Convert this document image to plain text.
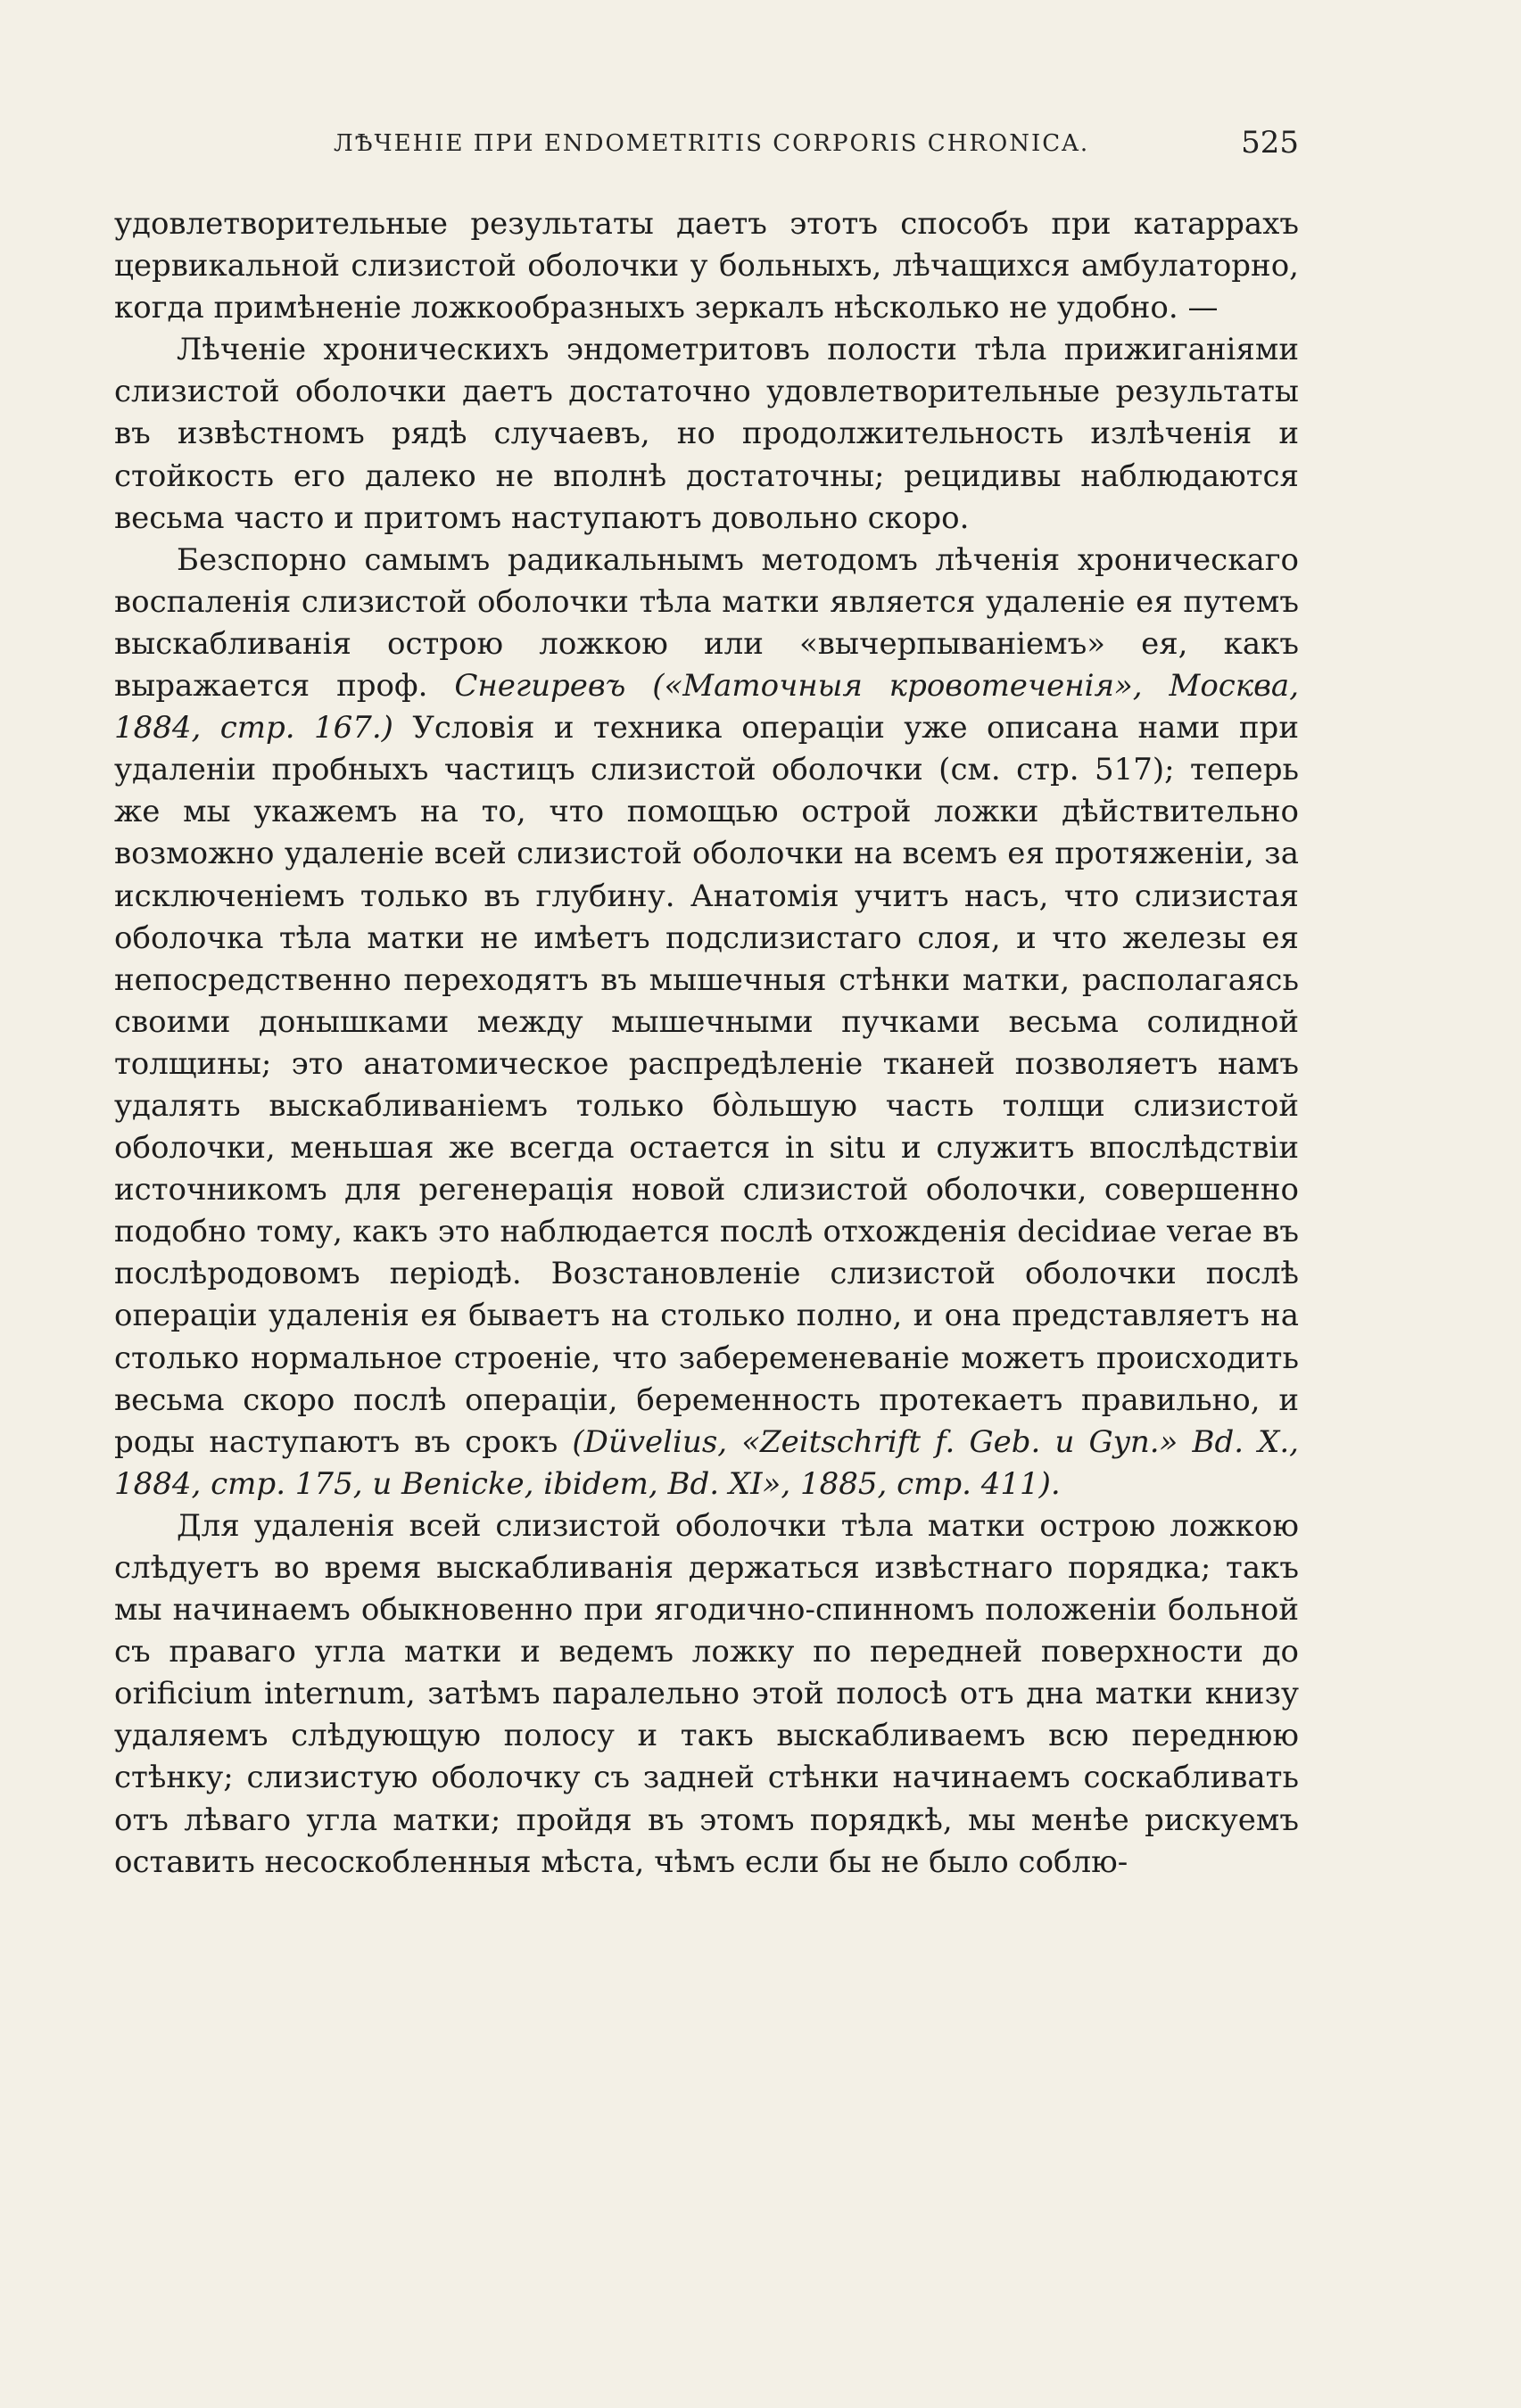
ЛѢЧЕНІЕ ПРИ ENDOMETRITIS CORPORIS CHRONICA.	525

удовлетворительные результаты даетъ этотъ способъ при катаррахъ цервикальной слизистой оболочки у больныхъ, лѣчащихся амбулаторно, когда примѣненіе ложкообразныхъ зеркалъ нѣсколько не удобно. —

Лѣченіе хроническихъ эндометритовъ полости тѣла прижиганіями слизистой оболочки даетъ достаточно удовлетворительные результаты въ извѣстномъ рядѣ случаевъ, но продолжительность излѣченія и стойкость его далеко не вполнѣ достаточны; рецидивы наблюдаются весьма часто и притомъ наступаютъ довольно скоро.

Безспорно самымъ радикальнымъ методомъ лѣченія хроническаго воспаленія слизистой оболочки тѣла матки является удаленіе ея путемъ выскабливанія острою ложкою или «вычерпываніемъ» ея, какъ выражается проф. Снегиревъ («Маточныя кровотеченія», Москва, 1884, стр. 167.) Условія и техника операціи уже описана нами при удаленіи пробныхъ частицъ слизистой оболочки (см. стр. 517); теперь же мы укажемъ на то, что помощью острой ложки дѣйствительно возможно удаленіе всей слизистой оболочки на всемъ ея протяженіи, за исключеніемъ только въ глубину. Анатомія учитъ насъ, что слизистая оболочка тѣла матки не имѣетъ подслизистаго слоя, и что железы ея непосредственно переходятъ въ мышечныя стѣнки матки, располагаясь своими донышками между мышечными пучками весьма солидной толщины; это анатомическое распредѣленіе тканей позволяетъ намъ удалять выскабливаніемъ только бòльшую часть толщи слизистой оболочки, меньшая же всегда остается in situ и служитъ впослѣдствіи источникомъ для регенерація новой слизистой оболочки, совершенно подобно тому, какъ это наблюдается послѣ отхожденія decidиae verae въ послѣродовомъ періодѣ. Возстановленіе слизистой оболочки послѣ операціи удаленія ея бываетъ на столько полно, и она представляетъ на столько нормальное строеніе, что забеременеваніе можетъ происходить весьма скоро послѣ операціи, беременность протекаетъ правильно, и роды наступаютъ въ срокъ (Düvelius, «Zeitschrift f. Geb. и Gyn.» Bd. X., 1884, стр. 175, и Benicke, ibidem, Bd. XI», 1885, стр. 411).

Для удаленія всей слизистой оболочки тѣла матки острою ложкою слѣдуетъ во время выскабливанія держаться извѣстнаго порядка; такъ мы начинаемъ обыкновенно при ягодично-спинномъ положеніи больной съ праваго угла матки и ведемъ ложку по передней поверхности до orificium internum, затѣмъ паралельно этой полосѣ отъ дна матки книзу удаляемъ слѣдующую полосу и такъ выскабливаемъ всю переднюю стѣнку; слизистую оболочку съ задней стѣнки начинаемъ соскабливать отъ лѣваго угла матки; пройдя въ этомъ порядкѣ, мы менѣе рискуемъ оставить несоскобленныя мѣста, чѣмъ если бы не было соблю-
